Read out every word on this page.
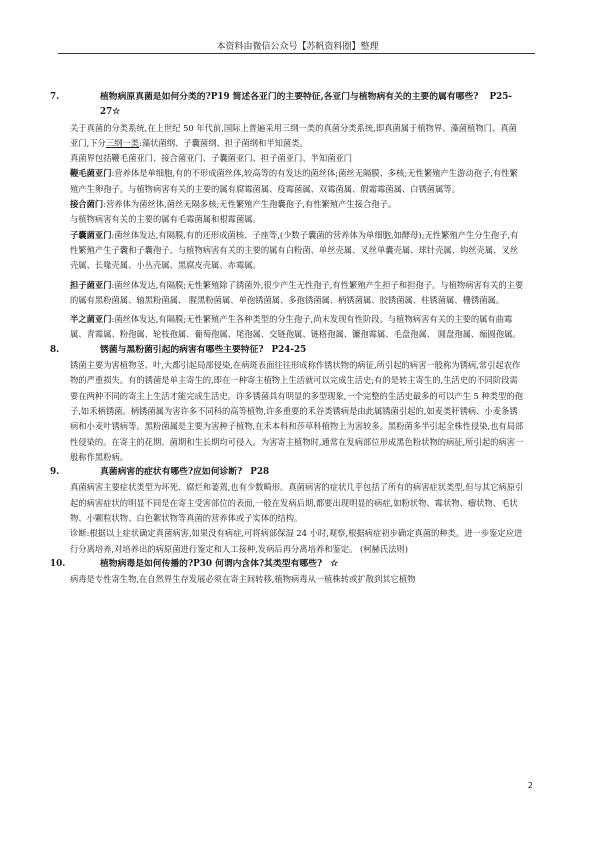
本资料由微信公众号【苏帆资料圈】整理

7.	植物病原真菌是如何分类的?P19 简述各亚门的主要特征,各亚门与植物病有关的主要的属有哪些? P25-27☆

关于真菌的分类系统,在上世纪 50 年代前,国际上普遍采用三纲一类的真菌分类系统,即真菌属于植物界、藻菌植物门、真菌亚门,下分三纲一类:藻状菌纲、子囊菌纲、担子菌纲和半知菌类。

真菌界包括鞭毛菌亚门、接合菌亚门、子囊菌亚门、担子菌亚门、半知菌亚门

鞭毛菌亚门:营养体是单细胞,有的不形成菌丝体,较高等的有发达的菌丝体;菌丝无隔膜、多核;无性繁殖产生游动孢子,有性繁殖产生卵孢子。与植物病害有关的主要的属有腐霉菌属、疫霉菌属、双霉菌属、假霜霉菌属、白锈菌属等。

接合菌门:营养体为菌丝体,菌丝无隔多核;无性繁殖产生孢囊孢子,有性繁殖产生接合孢子。

与植物病害有关的主要的属有毛霉菌属和根霉菌属。

子囊菌亚门:菌丝体发达,有隔膜,有的还形成菌核、子座等,(少数子囊菌的营养体为单细胞,如酵母);无性繁殖产生分生孢子,有性繁殖产生子囊和子囊孢子。与植物病害有关的主要的属有白粉菌、单丝壳属、叉丝单囊壳属、球针壳属、钩丝壳属、叉丝壳属、长喙壳属、小丛壳属、黑腐皮壳属、赤霉属。

担子菌亚门:菌丝体发达,有隔膜;无性繁殖除了锈菌外,很少产生无性孢子,有性繁殖产生担子和担孢子。与植物病害有关的主要的属有黑粉菌属、轴黑粉菌属、 腥黑粉菌属、单孢锈菌属、多孢锈菌属、柄锈菌属、胶锈菌属、柱锈菌属、栅锈菌属。

半之菌亚门:菌丝体发达,有隔膜;无性繁殖产生各种类型的分生孢子,尚未发现有性阶段。与植物病害有关的主要的属有曲霉属、青霉属、粉孢属、轮枝孢属、葡萄孢属、尾孢属、交链孢属、链格孢属、镰孢霉属、毛盘孢属、 圆盘孢属、痂圆孢属。

8.	锈菌与黑粉菌引起的病害有哪些主要特征? P24-25

锈菌主要为害植物茎、叶,大都引起局部侵染,在病斑表面往往形成称作锈状物的病征,所引起的病害一般称为锈病,常引起农作物的严重损失。有的锈菌是单主寄生的,即在一种寄主植物上生活就可以完成生活史;有的是转主寄生的,生活史的不同阶段需要在两种不同的寄主上生活才能完成生活史。许多锈菌具有明显的多型现象,一个完整的生活史最多的可以产生 5 种类型的孢子,如禾柄锈菌。柄锈菌属为害许多不同科的高等植物,许多重要的禾谷类锈病是由此属锈菌引起的,如麦类秆锈病、小麦条锈病和小麦叶锈病等。黑粉菌属是主要为害种子植物,在禾本科和莎草科植物上为害较多。黑粉菌多半引起全株性侵染,也有局部性侵染的。在寄主的花期、菌期和生长期均可侵入。为害寄主植物时,通常在发病部位形成黑色粉状物的病征,所引起的病害一般称作黑粉病。

9.	真菌病害的症状有哪些?应如何诊断? P28

真菌病害主要症状类型为坏死、腐烂和萎蔫,也有少数畸形。真菌病害的症状几乎包括了所有的病害症状类型,但与其它病原引起的病害症状的明显不同是在寄主受害部位的表面,一般在发病后期,都要出现明显的病症,如粉状物、霉状物、瘤状物、毛状物、小颗粒状物、白色絮状物等真菌的营养体或子实体的结构。

诊断:根据以上症状确定真菌病害,如果没有病症,可将病部保湿 24 小时,观察,根据病症初步确定真菌的种类。进一步鉴定应进行分离培养,对培养出的病原菌进行鉴定和人工接种,发病后再分离培养和鉴定。 (柯赫氏法则)

10.	植物病毒是如何传播的?P30 何谓内含体?其类型有哪些? ☆

病毒是专性寄生物,在自然界生存发展必须在寄主间转移,植物病毒从一植株转或扩散到其它植物

2
